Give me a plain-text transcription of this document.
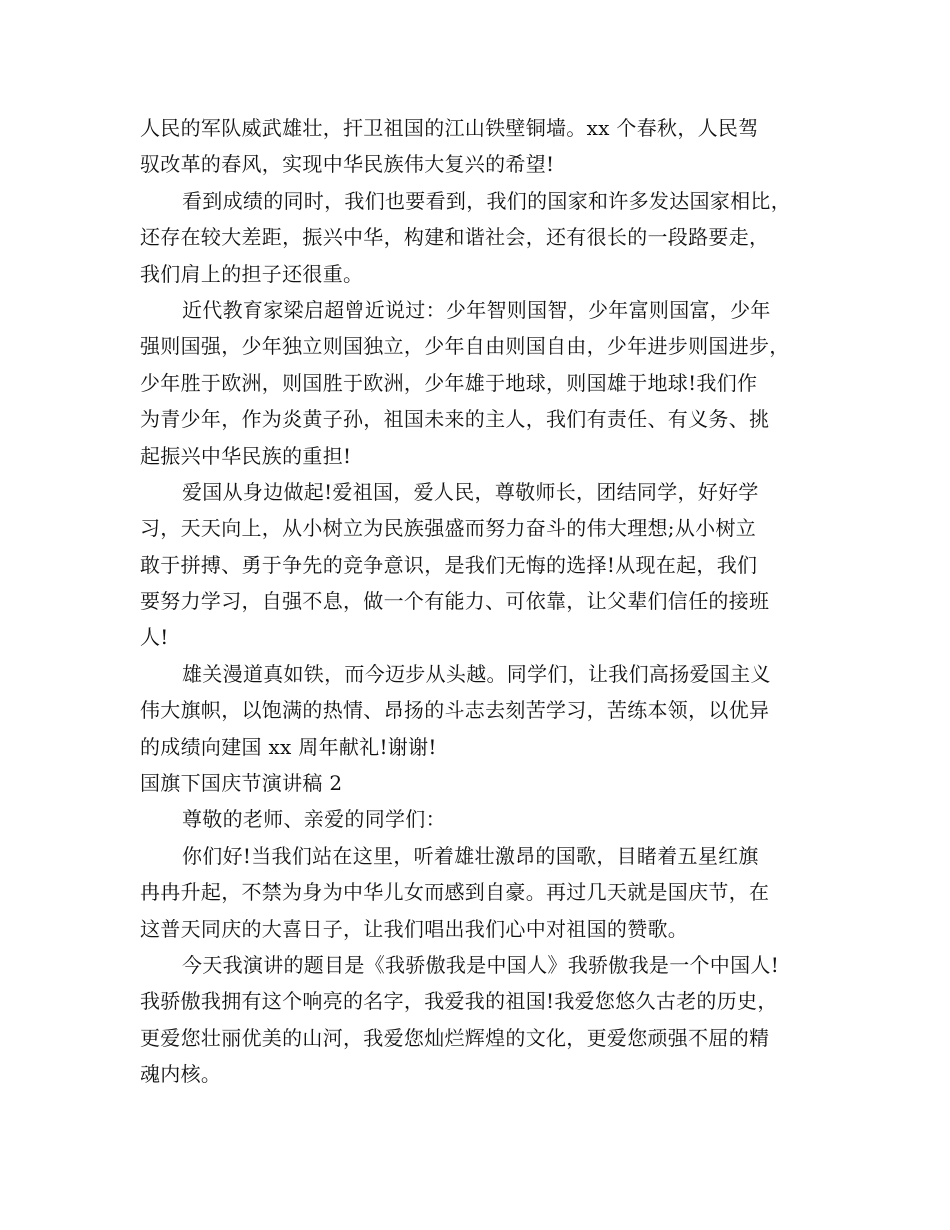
人民的军队威武雄壮，扞卫祖国的江山铁壁铜墙。xx 个春秋，人民驾
驭改革的春风，实现中华民族伟大复兴的希望!
看到成绩的同时，我们也要看到，我们的国家和许多发达国家相比，
还存在较大差距，振兴中华，构建和谐社会，还有很长的一段路要走，
我们肩上的担子还很重。
近代教育家梁启超曾近说过：少年智则国智，少年富则国富，少年
强则国强，少年独立则国独立，少年自由则国自由，少年进步则国进步，
少年胜于欧洲，则国胜于欧洲，少年雄于地球，则国雄于地球!我们作
为青少年，作为炎黄子孙，祖国未来的主人，我们有责任、有义务、挑
起振兴中华民族的重担!
爱国从身边做起!爱祖国，爱人民，尊敬师长，团结同学，好好学
习，天天向上，从小树立为民族强盛而努力奋斗的伟大理想;从小树立
敢于拼搏、勇于争先的竞争意识，是我们无悔的选择!从现在起，我们
要努力学习，自强不息，做一个有能力、可依靠，让父辈们信任的接班
人!
雄关漫道真如铁，而今迈步从头越。同学们，让我们高扬爱国主义
伟大旗帜，以饱满的热情、昂扬的斗志去刻苦学习，苦练本领，以优异
的成绩向建国 xx 周年献礼!谢谢!
国旗下国庆节演讲稿 2
尊敬的老师、亲爱的同学们：
你们好!当我们站在这里，听着雄壮激昂的国歌，目睹着五星红旗
冉冉升起，不禁为身为中华儿女而感到自豪。再过几天就是国庆节，在
这普天同庆的大喜日子，让我们唱出我们心中对祖国的赞歌。
今天我演讲的题目是《我骄傲我是中国人》我骄傲我是一个中国人!
我骄傲我拥有这个响亮的名字，我爱我的祖国!我爱您悠久古老的历史，
更爱您壮丽优美的山河，我爱您灿烂辉煌的文化，更爱您顽强不屈的精
魂内核。
